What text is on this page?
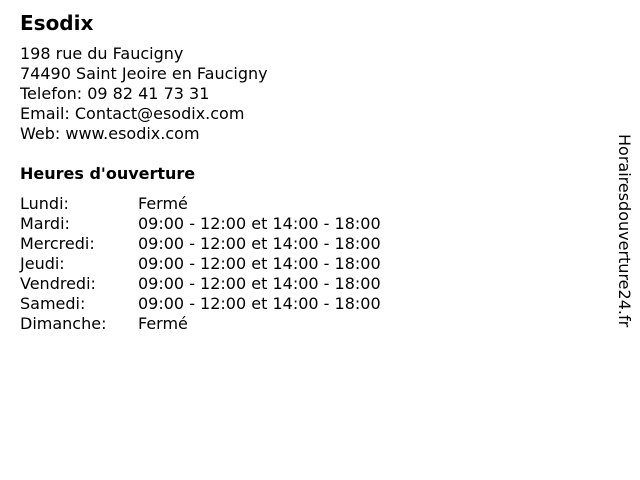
Esodix
198 rue du Faucigny
74490 Saint Jeoire en Faucigny
Telefon: 09 82 41 73 31
Email: Contact@esodix.com
Web: www.esodix.com
Heures d'ouverture
Lundi:	Fermé
Mardi:	09:00 - 12:00 et 14:00 - 18:00
Mercredi:	09:00 - 12:00 et 14:00 - 18:00
Jeudi:	09:00 - 12:00 et 14:00 - 18:00
Vendredi:	09:00 - 12:00 et 14:00 - 18:00
Samedi:	09:00 - 12:00 et 14:00 - 18:00
Dimanche:	Fermé	Horairesdouverture24.fr
